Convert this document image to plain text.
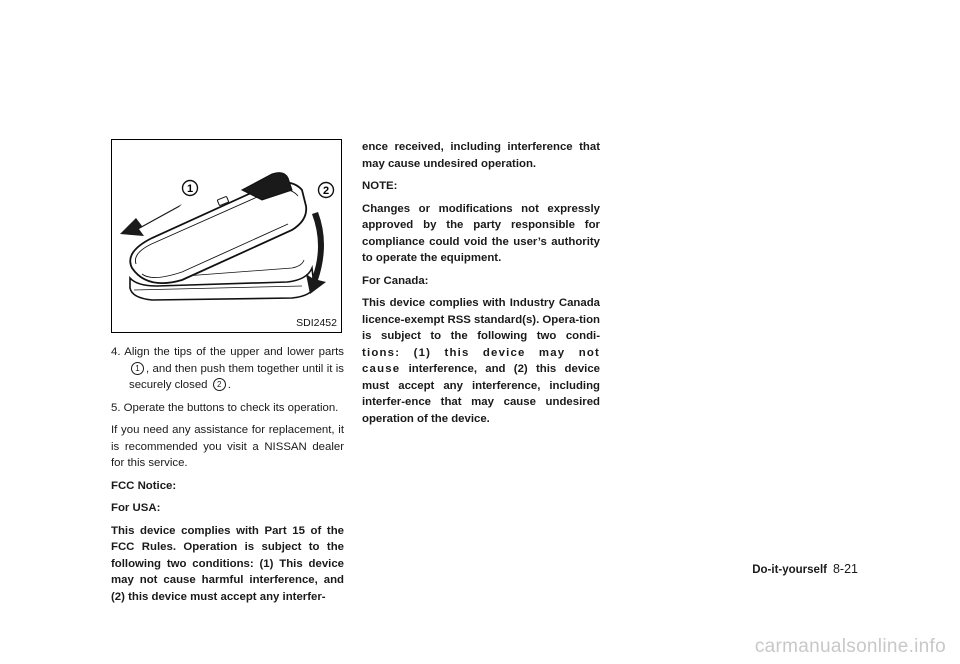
1	2
SDI2452

4. Align the tips of the upper and lower parts 1 , and then push them together until it is securely closed 2 .

5. Operate the buttons to check its operation.

If you need any assistance for replacement, it is recommended you visit a NISSAN dealer for this service.

FCC Notice:

For USA:

This device complies with Part 15 of the FCC Rules. Operation is subject to the following two conditions: (1) This device may not cause harmful interference, and (2) this device must accept any interfer-

ence received, including interference that may cause undesired operation.

NOTE:

Changes or modifications not expressly approved by the party responsible for compliance could void the user’s authority to operate the equipment.

For Canada:

This device complies with Industry Canada licence-exempt RSS standard(s). Opera-tion is subject to the following two condi- tions: (1) this device may not cause interference, and (2) this device must accept any interference, including interfer-ence that may cause undesired operation of the device.

Do-it-yourself 8-21
carmanualsonline.info
